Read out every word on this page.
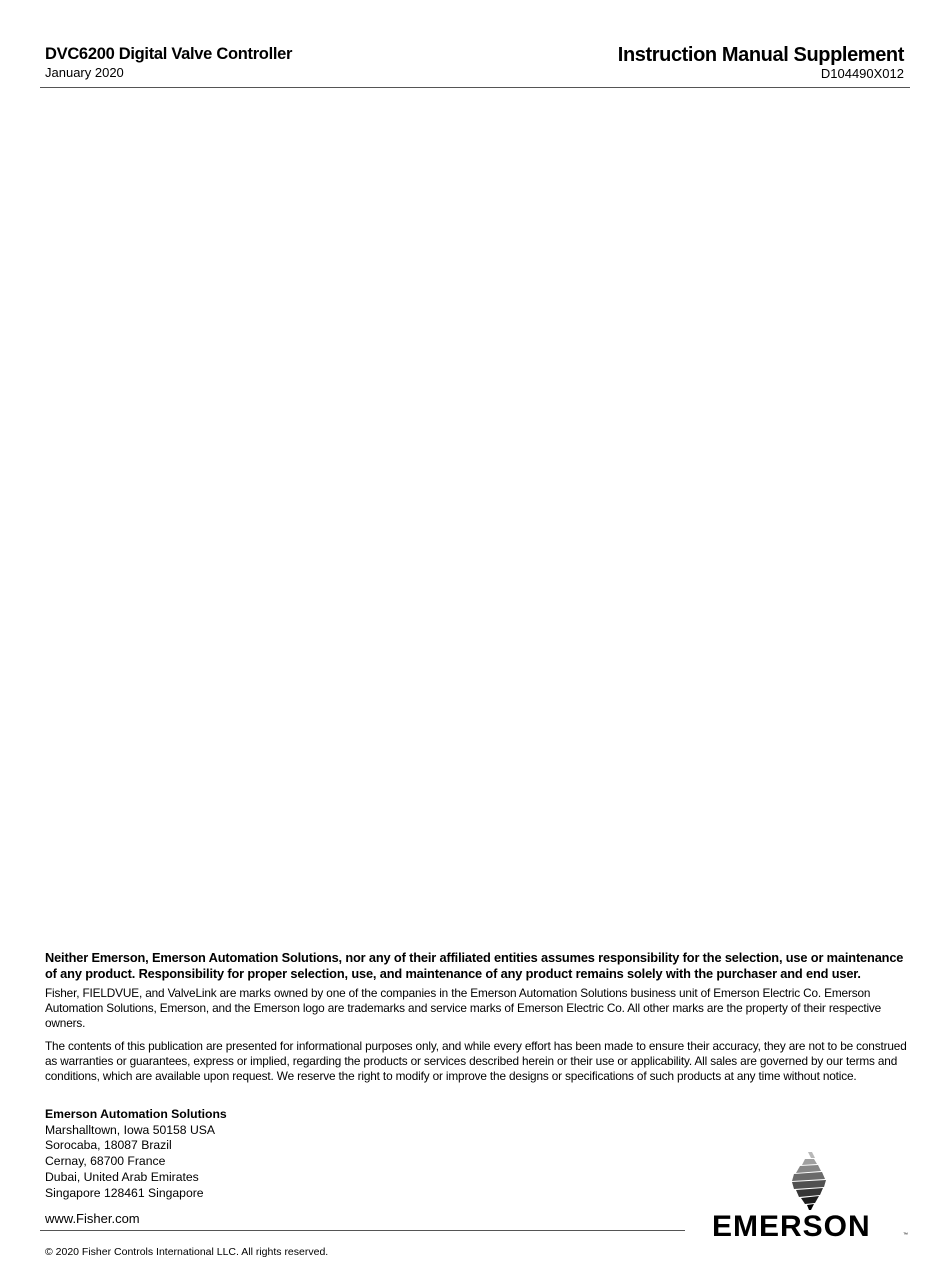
DVC6200 Digital Valve Controller
January 2020
Instruction Manual Supplement
D104490X012

Neither Emerson, Emerson Automation Solutions, nor any of their affiliated entities assumes responsibility for the selection, use or maintenance of any product. Responsibility for proper selection, use, and maintenance of any product remains solely with the purchaser and end user.

Fisher, FIELDVUE, and ValveLink are marks owned by one of the companies in the Emerson Automation Solutions business unit of Emerson Electric Co. Emerson Automation Solutions, Emerson, and the Emerson logo are trademarks and service marks of Emerson Electric Co. All other marks are the property of their respective owners.

The contents of this publication are presented for informational purposes only, and while every effort has been made to ensure their accuracy, they are not to be construed as warranties or guarantees, express or implied, regarding the products or services described herein or their use or applicability. All sales are governed by our terms and conditions, which are available upon request. We reserve the right to modify or improve the designs or specifications of such products at any time without notice.

Emerson Automation Solutions
Marshalltown, Iowa 50158 USA
Sorocaba, 18087 Brazil
Cernay, 68700 France
Dubai, United Arab Emirates
Singapore 128461 Singapore
www.Fisher.com
© 2020 Fisher Controls International LLC. All rights reserved.
EMERSON	™
